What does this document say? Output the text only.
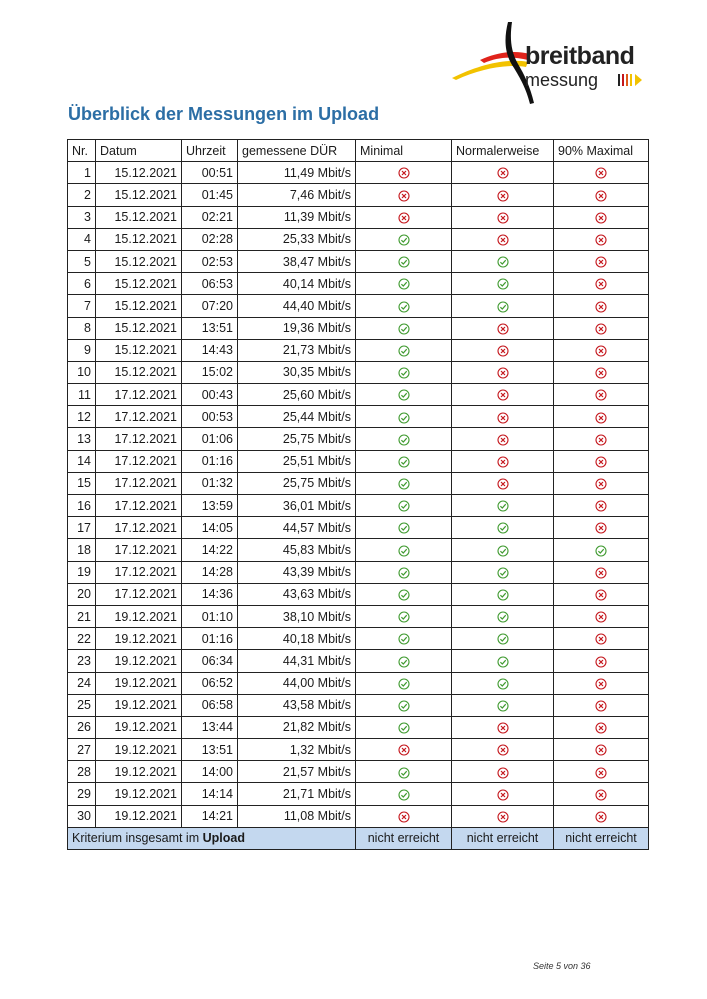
breitband
messung
Überblick der Messungen im Upload
Nr.	Datum	Uhrzeit	gemessene DÜR	Minimal	Normalerweise	90% Maximal
1	15.12.2021	00:51	11,49 Mbit/s			
2	15.12.2021	01:45	7,46 Mbit/s			
3	15.12.2021	02:21	11,39 Mbit/s			
4	15.12.2021	02:28	25,33 Mbit/s			
5	15.12.2021	02:53	38,47 Mbit/s			
6	15.12.2021	06:53	40,14 Mbit/s			
7	15.12.2021	07:20	44,40 Mbit/s			
8	15.12.2021	13:51	19,36 Mbit/s			
9	15.12.2021	14:43	21,73 Mbit/s			
10	15.12.2021	15:02	30,35 Mbit/s			
11	17.12.2021	00:43	25,60 Mbit/s			
12	17.12.2021	00:53	25,44 Mbit/s			
13	17.12.2021	01:06	25,75 Mbit/s			
14	17.12.2021	01:16	25,51 Mbit/s			
15	17.12.2021	01:32	25,75 Mbit/s			
16	17.12.2021	13:59	36,01 Mbit/s			
17	17.12.2021	14:05	44,57 Mbit/s			
18	17.12.2021	14:22	45,83 Mbit/s			
19	17.12.2021	14:28	43,39 Mbit/s			
20	17.12.2021	14:36	43,63 Mbit/s			
21	19.12.2021	01:10	38,10 Mbit/s			
22	19.12.2021	01:16	40,18 Mbit/s			
23	19.12.2021	06:34	44,31 Mbit/s			
24	19.12.2021	06:52	44,00 Mbit/s			
25	19.12.2021	06:58	43,58 Mbit/s			
26	19.12.2021	13:44	21,82 Mbit/s			
27	19.12.2021	13:51	1,32 Mbit/s			
28	19.12.2021	14:00	21,57 Mbit/s			
29	19.12.2021	14:14	21,71 Mbit/s			
30	19.12.2021	14:21	11,08 Mbit/s			
Kriterium insgesamt im Upload				nicht erreicht	nicht erreicht	nicht erreicht
Seite 5 von 36
